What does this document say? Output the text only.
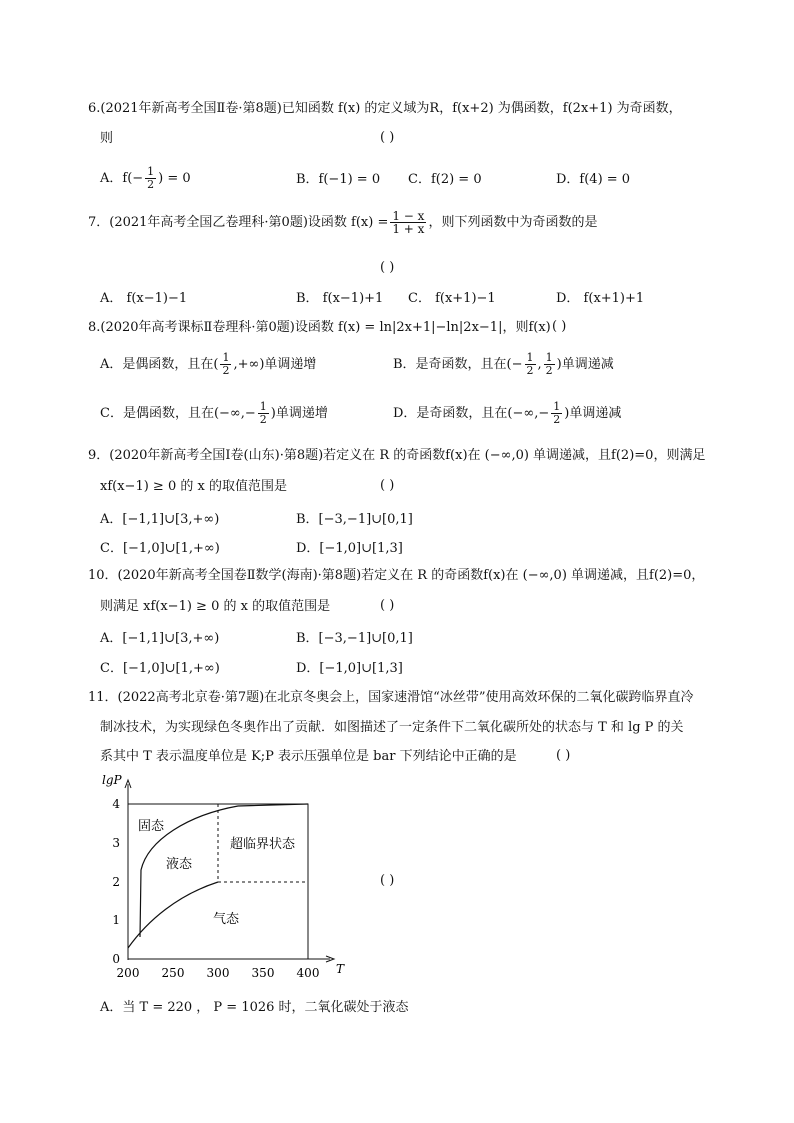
6.(2021年新高考全国Ⅱ卷·第8题)已知函数 f(x) 的定义域为R，f(x+2) 为偶函数，f(2x+1) 为奇函数，
则	( )
A．$f(- \frac{1}{2}$ ) = 0	B．f(−1) = 0 C．f(2) = 0	D．f(4) = 0
7．(2021年高考全国乙卷理科·第0题)设函数 $f(x) = \frac{1 - x}{1 + x}$ ，则下列函数中为奇函数的是
( )
A． f(x−1)−1	B． f(x−1)+1 C． f(x+1)−1	D． f(x+1)+1
8.(2020年高考课标Ⅱ卷理科·第0题)设函数 f(x) = ln|2x+1|−ln|2x−1|，则f(x) ( )
A．是偶函数，且在( $\frac{1}{2}$ ,+∞)单调递增	B．是奇函数，且在(− $\frac{1}{2}$ , $\frac{1}{2}$ )单调递减
C．是偶函数，且在(−∞,− $\frac{1}{2}$ )单调递增	D．是奇函数，且在(−∞,− $\frac{1}{2}$ )单调递减
9．(2020年新高考全国Ⅰ卷(山东)·第8题)若定义在 R 的奇函数f(x)在 (−∞,0) 单调递减，且f(2)=0，则满足
xf(x−1) ≥ 0 的 x 的取值范围是	( )
A．[−1,1]∪[3,+∞)	B．[−3,−1]∪[0,1]
C．[−1,0]∪[1,+∞)	D．[−1,0]∪[1,3]
10．(2020年新高考全国卷Ⅱ数学(海南)·第8题)若定义在 R 的奇函数f(x)在 (−∞,0) 单调递减，且f(2)=0，
则满足 xf(x−1) ≥ 0 的 x 的取值范围是	( )
A．[−1,1]∪[3,+∞)	B．[−3,−1]∪[0,1]
C．[−1,0]∪[1,+∞)	D．[−1,0]∪[1,3]
11．(2022高考北京卷·第7题)在北京冬奥会上，国家速滑馆“冰丝带”使用高效环保的二氧化碳跨临界直冷
制冰技术，为实现绿色冬奥作出了贡献．如图描述了一定条件下二氧化碳所处的状态与 T 和 lg P 的关
系其中 T 表示温度单位是 K;P 表示压强单位是 bar 下列结论中正确的是	( )
lgP
T
0
1
2
3
4
200 250 300 350 400
固态
液态
超临界状态
气态
( )
A．当 T = 220 ， P = 1026 时，二氧化碳处于液态
